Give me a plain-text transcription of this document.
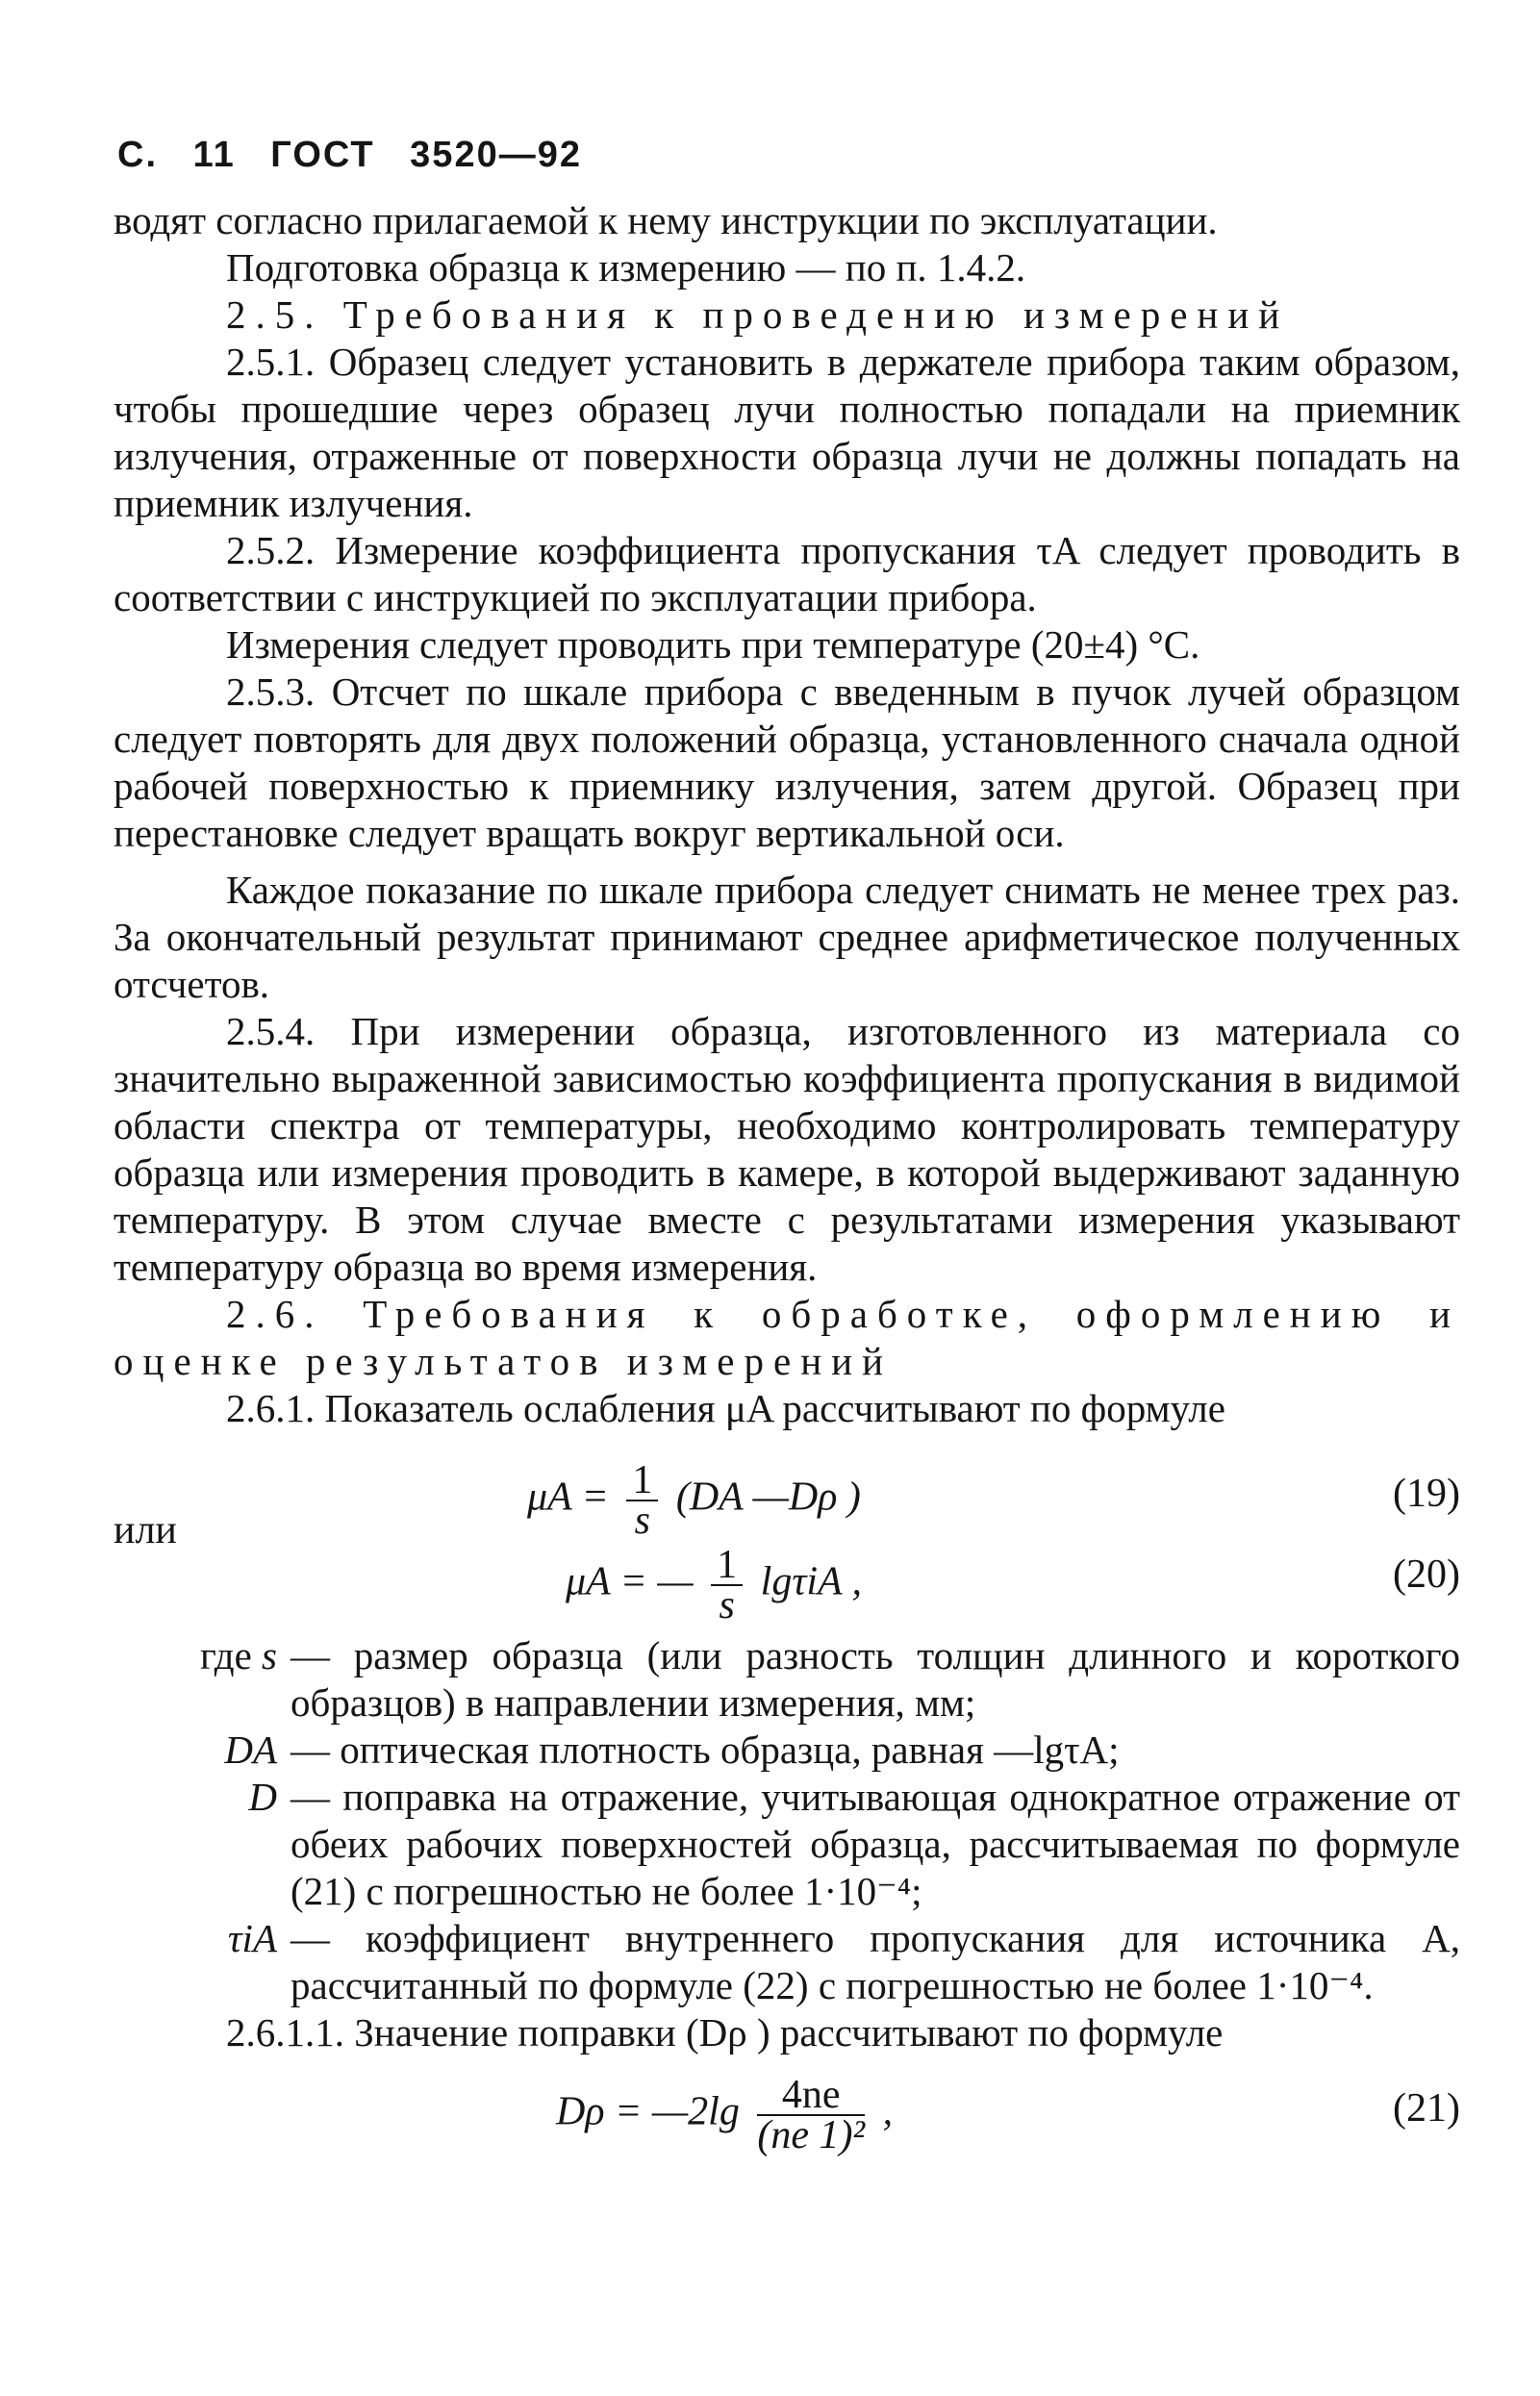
С. 11 ГОСТ 3520—92

водят согласно прилагаемой к нему инструкции по эксплуатации.

Подготовка образца к измерению — по п. 1.4.2.

2.5. Требования к проведению измерений

2.5.1. Образец следует установить в держателе прибора таким образом, чтобы прошедшие через образец лучи полностью попадали на приемник излучения, отраженные от поверхности образца лучи не должны попадать на приемник излучения.

2.5.2. Измерение коэффициента пропускания τA следует проводить в соответствии с инструкцией по эксплуатации прибора.

Измерения следует проводить при температуре (20±4) °С.

2.5.3. Отсчет по шкале прибора с введенным в пучок лучей образцом следует повторять для двух положений образца, установленного сначала одной рабочей поверхностью к приемнику излучения, затем другой. Образец при перестановке следует вращать вокруг вертикальной оси.

Каждое показание по шкале прибора следует снимать не менее трех раз. За окончательный результат принимают среднее арифметическое полученных отсчетов.

2.5.4. При измерении образца, изготовленного из материала со значительно выраженной зависимостью коэффициента пропускания в видимой области спектра от температуры, необходимо контролировать температуру образца или измерения проводить в камере, в которой выдерживают заданную температуру. В этом случае вместе с результатами измерения указывают температуру образца во время измерения.

2.6. Требования к обработке, оформлению и оценке результатов измерений

2.6.1. Показатель ослабления μA рассчитывают по формуле

$\mu A = \frac{1}{s} (DA$ —Dρ )	(19)
или
μA = — $\frac{1}{s}$ lgτiA ,	(20)

где s — размер образца (или разность толщин длинного и короткого образцов) в направлении измерения, мм;

DA — оптическая плотность образца, равная —lgτA;

D — поправка на отражение, учитывающая однократное отражение от обеих рабочих поверхностей образца, рассчитываемая по формуле (21) с погрешностью не более 1·10⁻⁴;

τiA — коэффициент внутреннего пропускания для источника A, рассчитанный по формуле (22) с погрешностью не более 1·10⁻⁴.

2.6.1.1. Значение поправки (Dρ ) рассчитывают по формуле

Dρ = —2lg $\frac{4ne}{\text{(ne 1)²}}$ ,	(21)
